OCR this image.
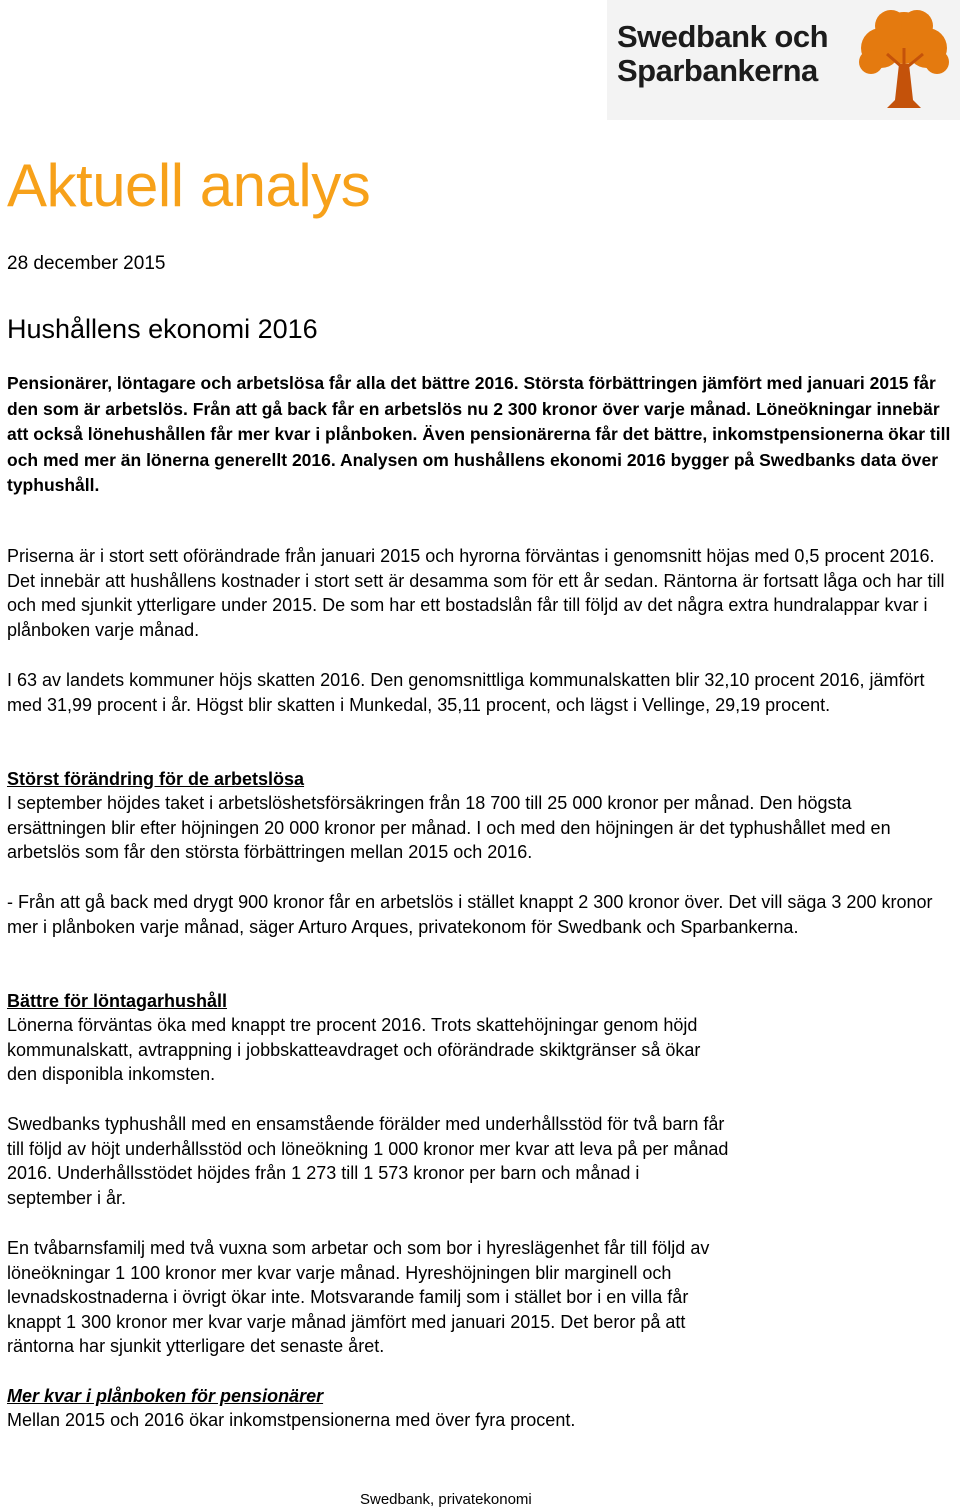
Swedbank och
Sparbankerna
Aktuell analys
28 december 2015
Hushållens ekonomi 2016
Pensionärer, löntagare och arbetslösa får alla det bättre 2016. Största förbättringen jämfört med januari 2015 får den som är arbetslös. Från att gå back får en arbetslös nu 2 300 kronor över varje månad. Löneökningar innebär att också lönehushållen får mer kvar i plånboken. Även pensionärerna får det bättre, inkomstpensionerna ökar till och med mer än lönerna generellt 2016. Analysen om hushållens ekonomi 2016 bygger på Swedbanks data över typhushåll.
Priserna är i stort sett oförändrade från januari 2015 och hyrorna förväntas i genomsnitt höjas med 0,5 procent 2016. Det innebär att hushållens kostnader i stort sett är desamma som för ett år sedan. Räntorna är fortsatt låga och har till och med sjunkit ytterligare under 2015. De som har ett bostadslån får till följd av det några extra hundralappar kvar i plånboken varje månad.
I 63 av landets kommuner höjs skatten 2016. Den genomsnittliga kommunalskatten blir 32,10 procent 2016, jämfört med 31,99 procent i år. Högst blir skatten i Munkedal, 35,11 procent, och lägst i Vellinge, 29,19 procent.
Störst förändring för de arbetslösa
I september höjdes taket i arbetslöshetsförsäkringen från 18 700 till 25 000 kronor per månad. Den högsta ersättningen blir efter höjningen 20 000 kronor per månad. I och med den höjningen är det typhushållet med en arbetslös som får den största förbättringen mellan 2015 och 2016.
- Från att gå back med drygt 900 kronor får en arbetslös i stället knappt 2 300 kronor över. Det vill säga 3 200 kronor mer i plånboken varje månad, säger Arturo Arques, privatekonom för Swedbank och Sparbankerna.
Bättre för löntagarhushåll
Lönerna förväntas öka med knappt tre procent 2016. Trots skattehöjningar genom höjd
kommunalskatt, avtrappning i jobbskatteavdraget och oförändrade skiktgränser så ökar
den disponibla inkomsten.
Swedbanks typhushåll med en ensamstående förälder med underhållsstöd för två barn får
till följd av höjt underhållsstöd och löneökning 1 000 kronor mer kvar att leva på per månad
2016. Underhållsstödet höjdes från 1 273 till 1 573 kronor per barn och månad i
september i år.
En tvåbarnsfamilj med två vuxna som arbetar och som bor i hyreslägenhet får till följd av
löneökningar 1 100 kronor mer kvar varje månad. Hyreshöjningen blir marginell och
levnadskostnaderna i övrigt ökar inte. Motsvarande familj som i stället bor i en villa får
knappt 1 300 kronor mer kvar varje månad jämfört med januari 2015. Det beror på att
räntorna har sjunkit ytterligare det senaste året.
Mer kvar i plånboken för pensionärer
Mellan 2015 och 2016 ökar inkomstpensionerna med över fyra procent.
Swedbank, privatekonomi
